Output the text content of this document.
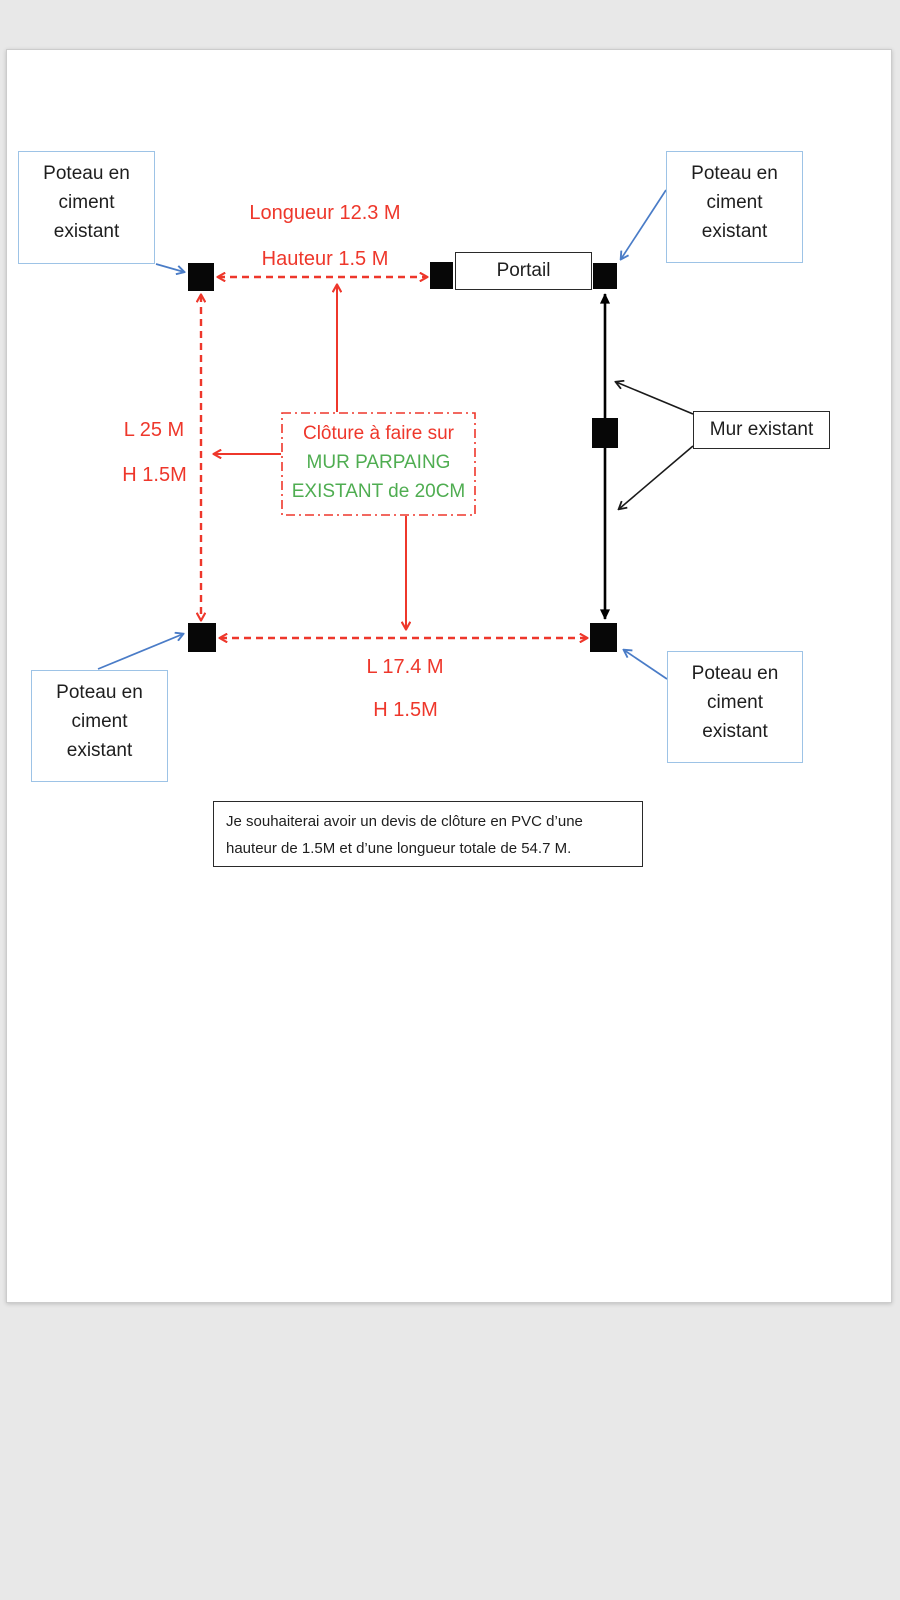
Poteau en
ciment
existant
Poteau en
ciment
existant
Poteau en
ciment
existant
Poteau en
ciment
existant
Portail
Mur existant
Longueur 12.3 M
Hauteur 1.5 M
L 25 M
H 1.5M
L 17.4 M
H 1.5M
Clôture à faire sur
MUR PARPAING
EXISTANT de 20CM
Je souhaiterai avoir un devis de clôture en PVC d’une
hauteur de 1.5M et d’une longueur totale de 54.7 M.
